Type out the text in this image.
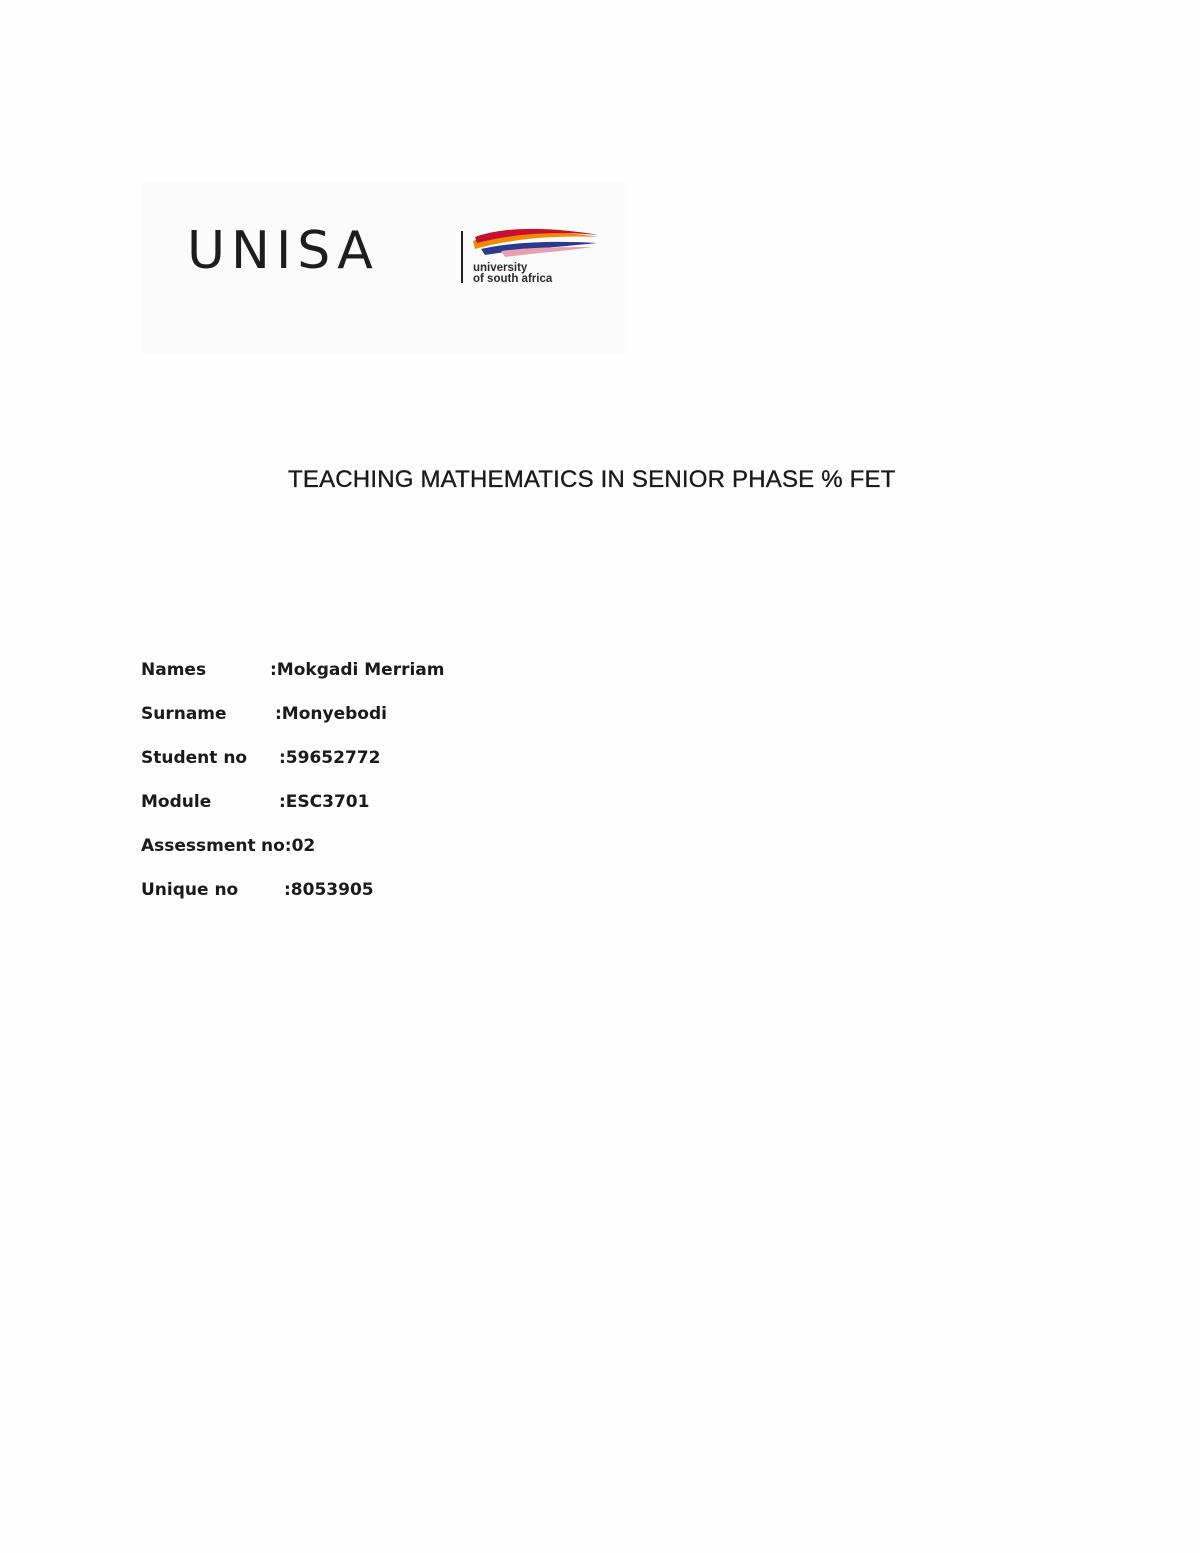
UNISA	university
of south africa
TEACHING MATHEMATICS IN SENIOR PHASE % FET
Names	:Mokgadi Merriam
Surname	:Monyebodi
Student no :59652772
Module	:ESC3701
Assessment no:02
Unique no	:8053905
